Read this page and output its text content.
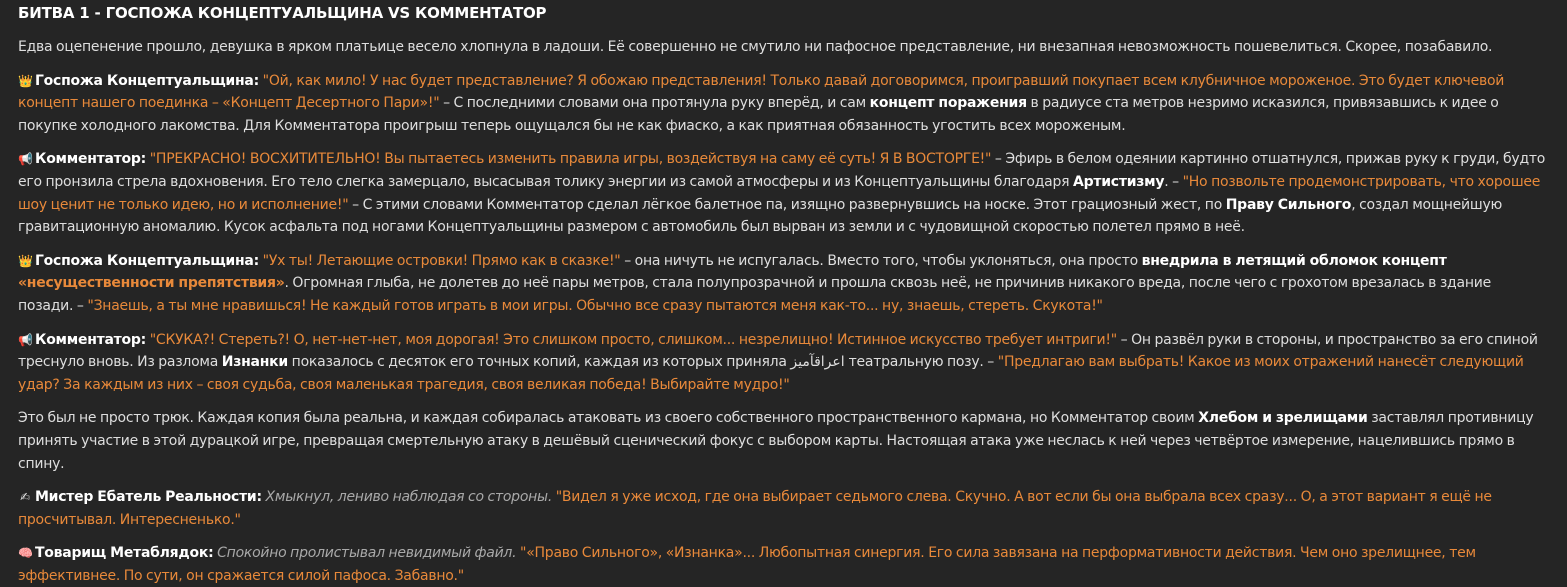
БИТВА 1 - ГОСПОЖА КОНЦЕПТУАЛЬЩИНА VS КОММЕНТАТОР
Едва оцепенение прошло, девушка в ярком платьице весело хлопнула в ладоши. Её совершенно не смутило ни пафосное представление, ни внезапная невозможность пошевелиться. Скорее, позабавило.
👑 Госпожа Концептуальщина: "Ой, как мило! У нас будет представление? Я обожаю представления! Только давай договоримся, проигравший покупает всем клубничное мороженое. Это будет ключевой концепт нашего поединка – «Концепт Десертного Пари»!" – С последними словами она протянула руку вперёд, и сам концепт поражения в радиусе ста метров незримо исказился, привязавшись к идее о покупке холодного лакомства. Для Комментатора проигрыш теперь ощущался бы не как фиаско, а как приятная обязанность угостить всех мороженым.
📢 Комментатор: "ПРЕКРАСНО! ВОСХИТИТЕЛЬНО! Вы пытаетесь изменить правила игры, воздействуя на саму её суть! Я В ВОСТОРГЕ!" – Эфирь в белом одеянии картинно отшатнулся, прижав руку к груди, будто его пронзила стрела вдохновения. Его тело слегка замерцало, высасывая толику энергии из самой атмосферы и из Концептуальщины благодаря Артистизму. – "Но позвольте продемонстрировать, что хорошее шоу ценит не только идею, но и исполнение!" – С этими словами Комментатор сделал лёгкое балетное па, изящно развернувшись на носке. Этот грациозный жест, по Праву Сильного, создал мощнейшую гравитационную аномалию. Кусок асфальта под ногами Концептуальщины размером с автомобиль был вырван из земли и с чудовищной скоростью полетел прямо в неё.
👑 Госпожа Концептуальщина: "Ух ты! Летающие островки! Прямо как в сказке!" – она ничуть не испугалась. Вместо того, чтобы уклоняться, она просто внедрила в летящий обломок концепт «несущественности препятствия». Огромная глыба, не долетев до неё пары метров, стала полупрозрачной и прошла сквозь неё, не причинив никакого вреда, после чего с грохотом врезалась в здание позади. – "Знаешь, а ты мне нравишься! Не каждый готов играть в мои игры. Обычно все сразу пытаются меня как-то... ну, знаешь, стереть. Скукота!"
📢 Комментатор: "СКУКА?! Стереть?! О, нет-нет-нет, моя дорогая! Это слишком просто, слишком... незрелищно! Истинное искусство требует интриги!" – Он развёл руки в стороны, и пространство за его спиной треснуло вновь. Из разлома Изнанки показалось с десяток его точных копий, каждая из которых приняла اعراقآمیز театральную позу. – "Предлагаю вам выбрать! Какое из моих отражений нанесёт следующий удар? За каждым из них – своя судьба, своя маленькая трагедия, своя великая победа! Выбирайте мудро!"
Это был не просто трюк. Каждая копия была реальна, и каждая собиралась атаковать из своего собственного пространственного кармана, но Комментатор своим Хлебом и зрелищами заставлял противницу принять участие в этой дурацкой игре, превращая смертельную атаку в дешёвый сценический фокус с выбором карты. Настоящая атака уже неслась к ней через четвёртое измерение, нацелившись прямо в спину.
✍ Мистер Ебатель Реальности: Хмыкнул, лениво наблюдая со стороны. "Видел я уже исход, где она выбирает седьмого слева. Скучно. А вот если бы она выбрала всех сразу... О, а этот вариант я ещё не просчитывал. Интересненько."
🧠 Товарищ Метаблядок: Спокойно пролистывал невидимый файл. "«Право Сильного», «Изнанка»... Любопытная синергия. Его сила завязана на перформативности действия. Чем оно зрелищнее, тем эффективнее. По сути, он сражается силой пафоса. Забавно."
